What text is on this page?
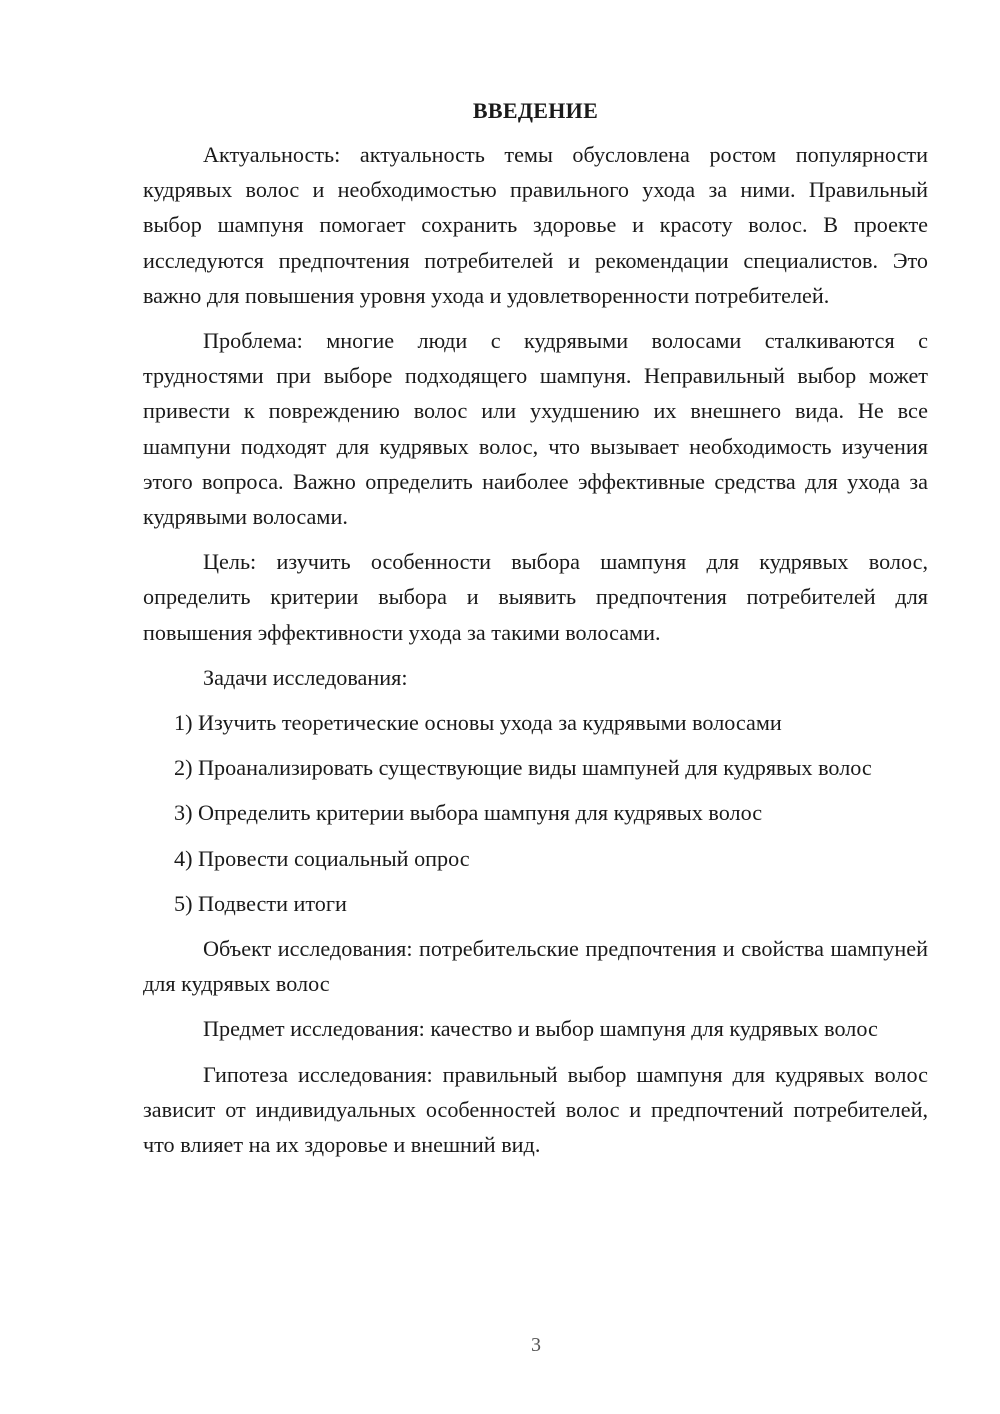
ВВЕДЕНИЕ

Актуальность: актуальность темы обусловлена ростом популярности кудрявых волос и необходимостью правильного ухода за ними. Правильный выбор шампуня помогает сохранить здоровье и красоту волос. В проекте исследуются предпочтения потребителей и рекомендации специалистов. Это важно для повышения уровня ухода и удовлетворенности потребителей.

Проблема: многие люди с кудрявыми волосами сталкиваются с трудностями при выборе подходящего шампуня. Неправильный выбор может привести к повреждению волос или ухудшению их внешнего вида. Не все шампуни подходят для кудрявых волос, что вызывает необходимость изучения этого вопроса. Важно определить наиболее эффективные средства для ухода за кудрявыми волосами.

Цель: изучить особенности выбора шампуня для кудрявых волос, определить критерии выбора и выявить предпочтения потребителей для повышения эффективности ухода за такими волосами.

Задачи исследования:

1) Изучить теоретические основы ухода за кудрявыми волосами

2) Проанализировать существующие виды шампуней для кудрявых волос

3) Определить критерии выбора шампуня для кудрявых волос

4) Провести социальный опрос

5) Подвести итоги

Объект исследования: потребительские предпочтения и свойства шампуней для кудрявых волос

Предмет исследования: качество и выбор шампуня для кудрявых волос

Гипотеза исследования: правильный выбор шампуня для кудрявых волос зависит от индивидуальных особенностей волос и предпочтений потребителей, что влияет на их здоровье и внешний вид.

3
